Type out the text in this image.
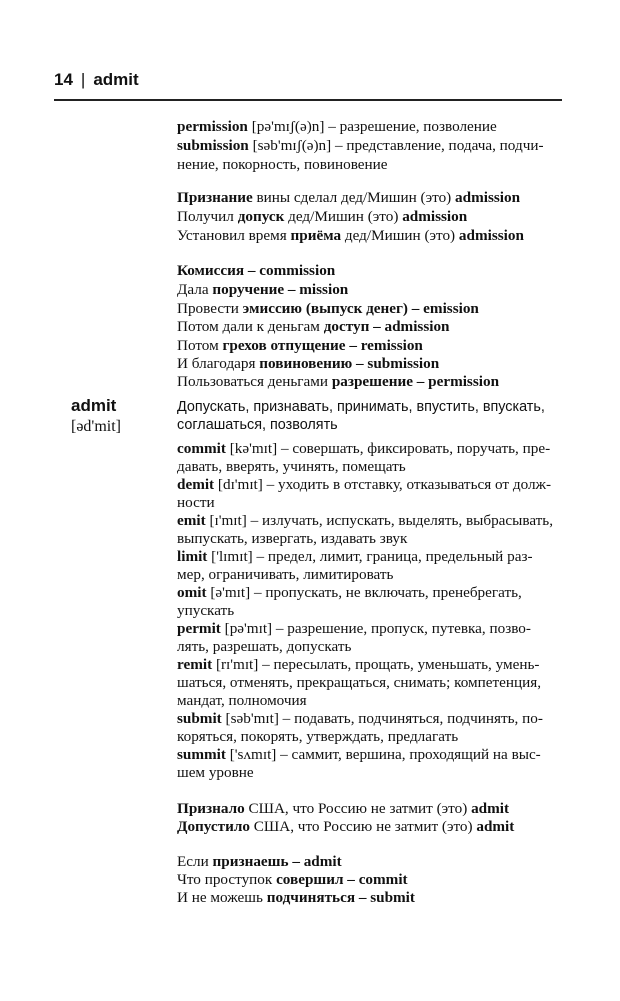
14 | admit
admit
[əd'mit]
permission [pə'mɪʃ(ə)n] – разрешение, позволение
submission [səb'mɪʃ(ə)n] – представление, подача, подчи-
нение, покорность, повиновение
Признание вины сделал дед/Мишин (это) admission
Получил допуск дед/Мишин (это) admission
Установил время приёма дед/Мишин (это) admission
Комиссия – commission
Дала поручение – mission
Провести эмиссию (выпуск денег) – emission
Потом дали к деньгам доступ – admission
Потом грехов отпущение – remission
И благодаря повиновению – submission
Пользоваться деньгами разрешение – permission
Допускать, признавать, принимать, впустить, впускать,
соглашаться, позволять
commit [kə'mɪt] – совершать, фиксировать, поручать, пре-
давать, вверять, учинять, помещать
demit [dɪ'mɪt] – уходить в отставку, отказываться от долж-
ности
emit [ɪ'mɪt] – излучать, испускать, выделять, выбрасывать,
выпускать, извергать, издавать звук
limit ['lɪmɪt] – предел, лимит, граница, предельный раз-
мер, ограничивать, лимитировать
omit [ə'mɪt] – пропускать, не включать, пренебрегать,
упускать
permit [pə'mɪt] – разрешение, пропуск, путевка, позво-
лять, разрешать, допускать
remit [rɪ'mɪt] – пересылать, прощать, уменьшать, умень-
шаться, отменять, прекращаться, снимать; компетенция,
мандат, полномочия
submit [səb'mɪt] – подавать, подчиняться, подчинять, по-
коряться, покорять, утверждать, предлагать
summit ['sʌmɪt] – саммит, вершина, проходящий на выс-
шем уровне
Признало США, что Россию не затмит (это) admit
Допустило США, что Россию не затмит (это) admit
Если признаешь – admit
Что проступок совершил – commit
И не можешь подчиняться – submit
